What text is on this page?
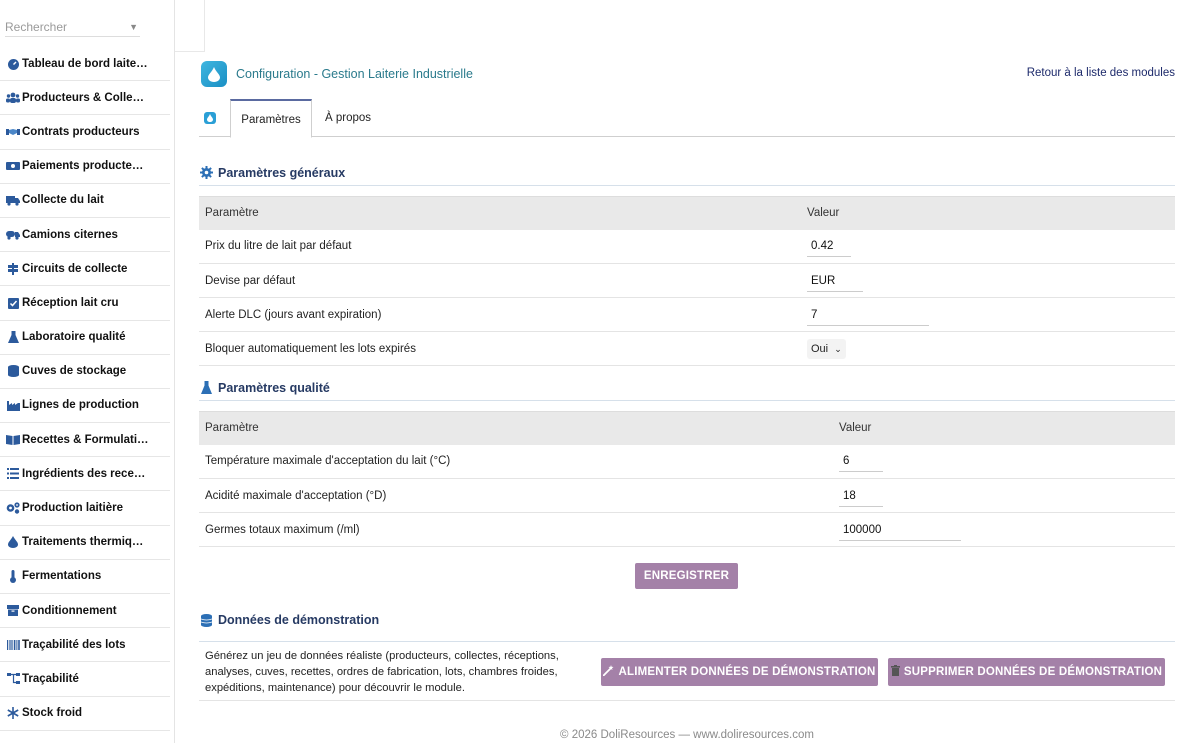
Rechercher	▼
Tableau de bord laite…
Producteurs & Colle…
Contrats producteurs
Paiements producte…
Collecte du lait
Camions citernes
Circuits de collecte
Réception lait cru
Laboratoire qualité
Cuves de stockage
Lignes de production
Recettes & Formulati…
Ingrédients des rece…
Production laitière
Traitements thermiq…
Fermentations
Conditionnement
Traçabilité des lots
Traçabilité
Stock froid
Configuration - Gestion Laiterie Industrielle	Retour à la liste des modules
Paramètres	À propos
Paramètres généraux
Paramètre	Valeur
Prix du litre de lait par défaut	0.42
Devise par défaut	EUR
Alerte DLC (jours avant expiration)	7
Bloquer automatiquement les lots expirés	Oui ⌄
Paramètres qualité
Paramètre	Valeur
Température maximale d'acceptation du lait (°C)	6
Acidité maximale d'acceptation (°D)	18
Germes totaux maximum (/ml)	100000
ENREGISTRER
Données de démonstration
Générez un jeu de données réaliste (producteurs, collectes, réceptions, analyses, cuves, recettes, ordres de fabrication, lots, chambres froides, expéditions, maintenance) pour découvrir le module.
ALIMENTER DONNÉES DE DÉMONSTRATION SUPPRIMER DONNÉES DE DÉMONSTRATION
© 2026 DoliResources — www.doliresources.com
